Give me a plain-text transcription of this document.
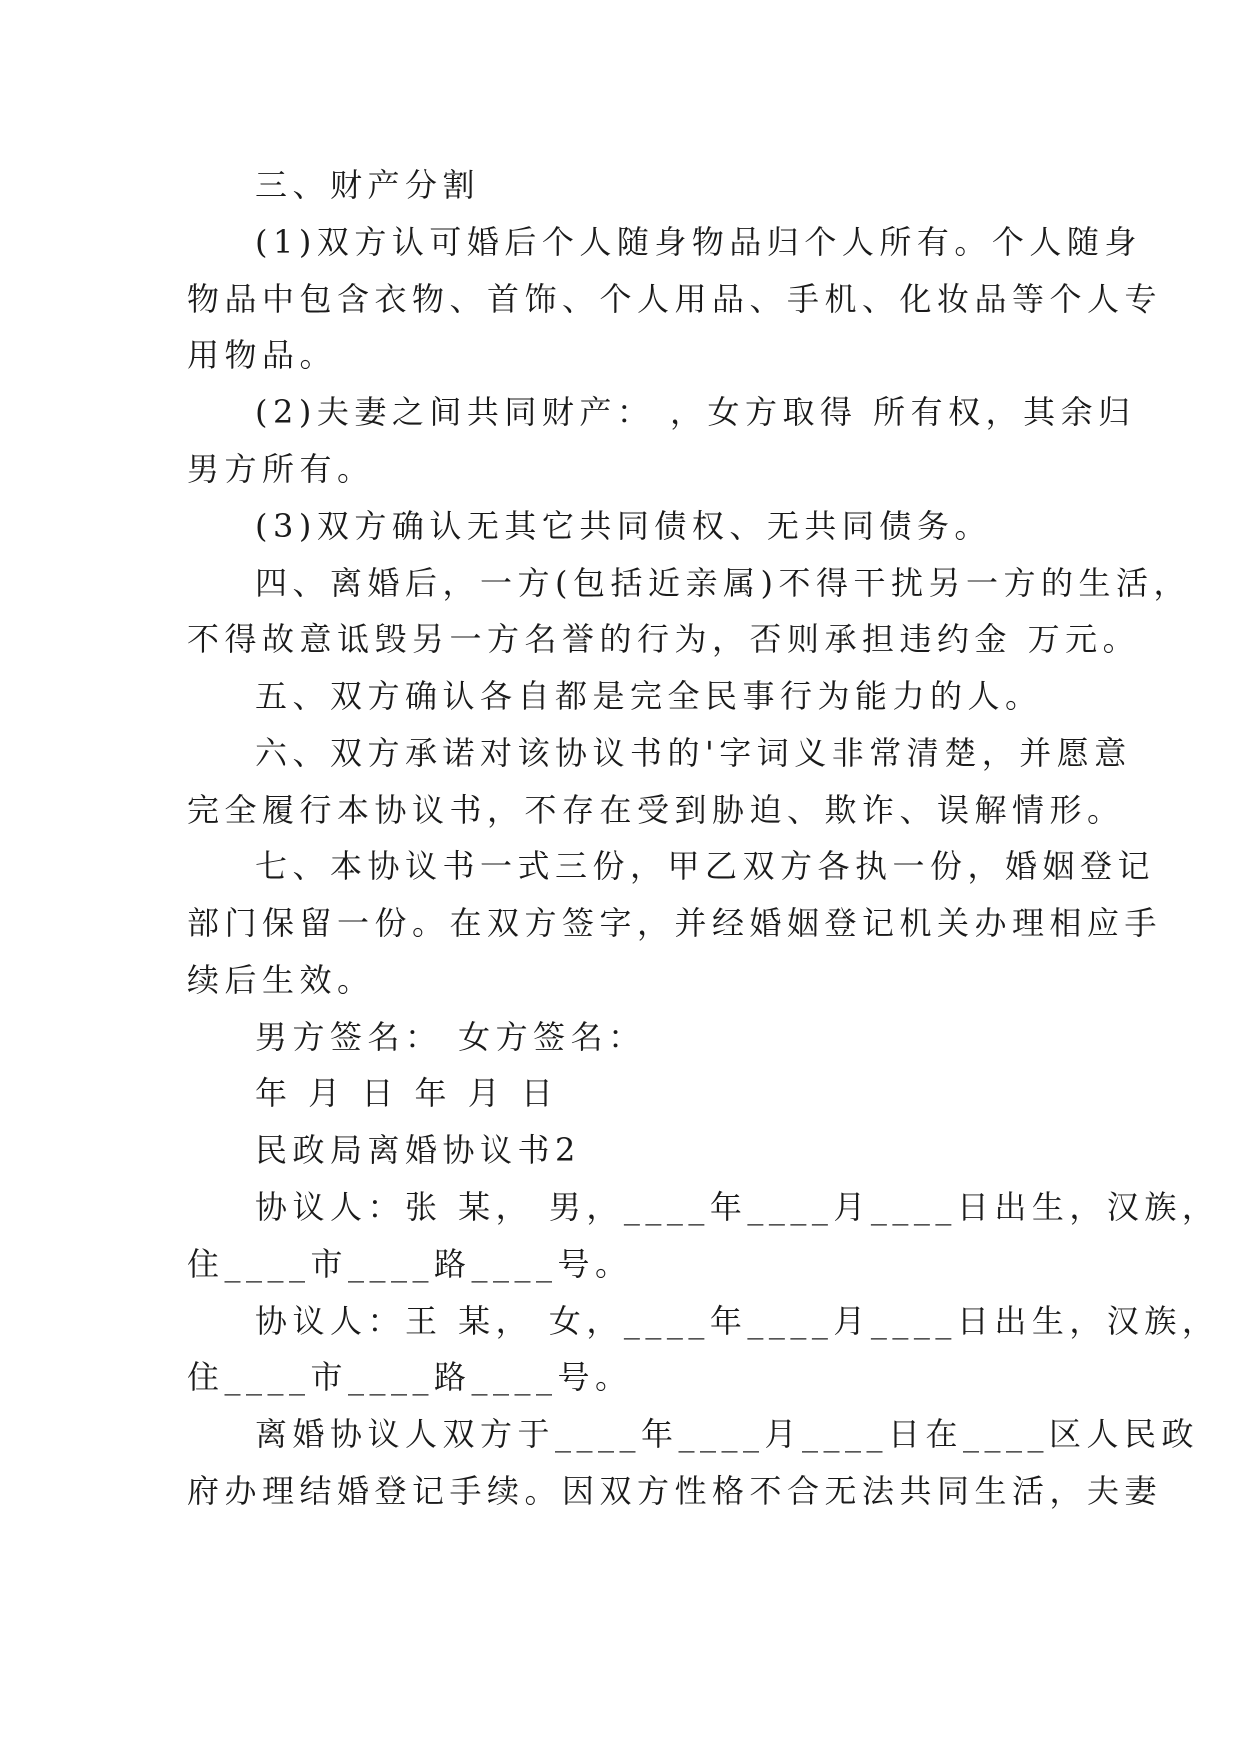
三、财产分割
(1)双方认可婚后个人随身物品归个人所有。个人随身
物品中包含衣物、首饰、个人用品、手机、化妆品等个人专
用物品。
(2)夫妻之间共同财产： ，女方取得 所有权，其余归
男方所有。
(3)双方确认无其它共同债权、无共同债务。
四、离婚后，一方(包括近亲属)不得干扰另一方的生活，
不得故意诋毁另一方名誉的行为，否则承担违约金 万元。
五、双方确认各自都是完全民事行为能力的人。
六、双方承诺对该协议书的'字词义非常清楚，并愿意
完全履行本协议书，不存在受到胁迫、欺诈、误解情形。
七、本协议书一式三份，甲乙双方各执一份，婚姻登记
部门保留一份。在双方签字，并经婚姻登记机关办理相应手
续后生效。
男方签名： 女方签名：
年 月 日 年 月 日
民政局离婚协议书2
协议人：张 某， 男，____年____月____日出生，汉族，
住____市____路____号。
协议人：王 某， 女，____年____月____日出生，汉族，
住____市____路____号。
离婚协议人双方于____年____月____日在____区人民政
府办理结婚登记手续。因双方性格不合无法共同生活，夫妻
